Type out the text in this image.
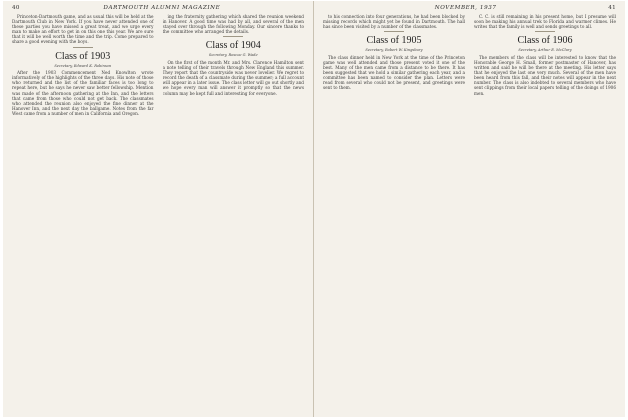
40	DARTMOUTH ALUMNI MAGAZINE

Princeton-Dartmouth game, and as usual this will be held at the Dartmouth Club in New York. If you have never attended one of these parties you have missed a great treat, and we urge every man to make an effort to get in on this one this year. We are sure that it will be well worth the time and the trip. Come prepared to share a good evening with the boys.

Class of 1903
Secretary, Edward K. Robinson

After the 1903 Commencement Ned Knowlton wrote informatively of the highlights of the three days. His note of those who returned and the list of the familiar faces is too long to repeat here, but he says he never saw better fellowship. Mention was made of the afternoon gathering at the Inn, and the letters that came from those who could not get back. The classmates who attended the reunion also enjoyed the fine dinner at the Hanover Inn, and the next day the ballgame. Notes from the far West came from a number of men in California and Oregon.

ing the fraternity gathering which shared the reunion weekend in Hanover. A good time was had by all, and several of the men stayed over through the following Monday. Our sincere thanks to the committee who arranged the details.

Class of 1904
Secretary, Roscoe G. Wade

On the first of the month Mr. and Mrs. Clarence Hamilton sent a note telling of their travels through New England this summer. They report that the countryside was never lovelier. We regret to record the death of a classmate during the summer; a full account will appear in a later issue. The class letter will go out shortly and we hope every man will answer it promptly so that the news column may be kept full and interesting for everyone.

NOVEMBER, 1937	41

to his connection into four generations, he had been blocked by missing records which might yet be found in Dartmouth. The hall has since been visited by a number of the classmates.

Class of 1905
Secretary, Robert W. Kingsbury

The class dinner held in New York at the time of the Princeton game was well attended and those present voted it one of the best. Many of the men came from a distance to be there. It has been suggested that we hold a similar gathering each year, and a committee has been named to consider the plan. Letters were read from several who could not be present, and greetings were sent to them.

C. C. is still remaining in his present home, but I presume will soon be making his annual trek to Florida and warmer climes. He writes that the family is well and sends greetings to all.

Class of 1906
Secretary, Arthur E. McClary

The members of the class will be interested to know that the Honorable George H. Small, former postmaster of Hanover, has written and said he will be there at the meeting. His letter says that he enjoyed the last one very much. Several of the men have been heard from this fall, and their notes will appear in the next number. The class is also indebted to several members who have sent clippings from their local papers telling of the doings of 1906 men.
